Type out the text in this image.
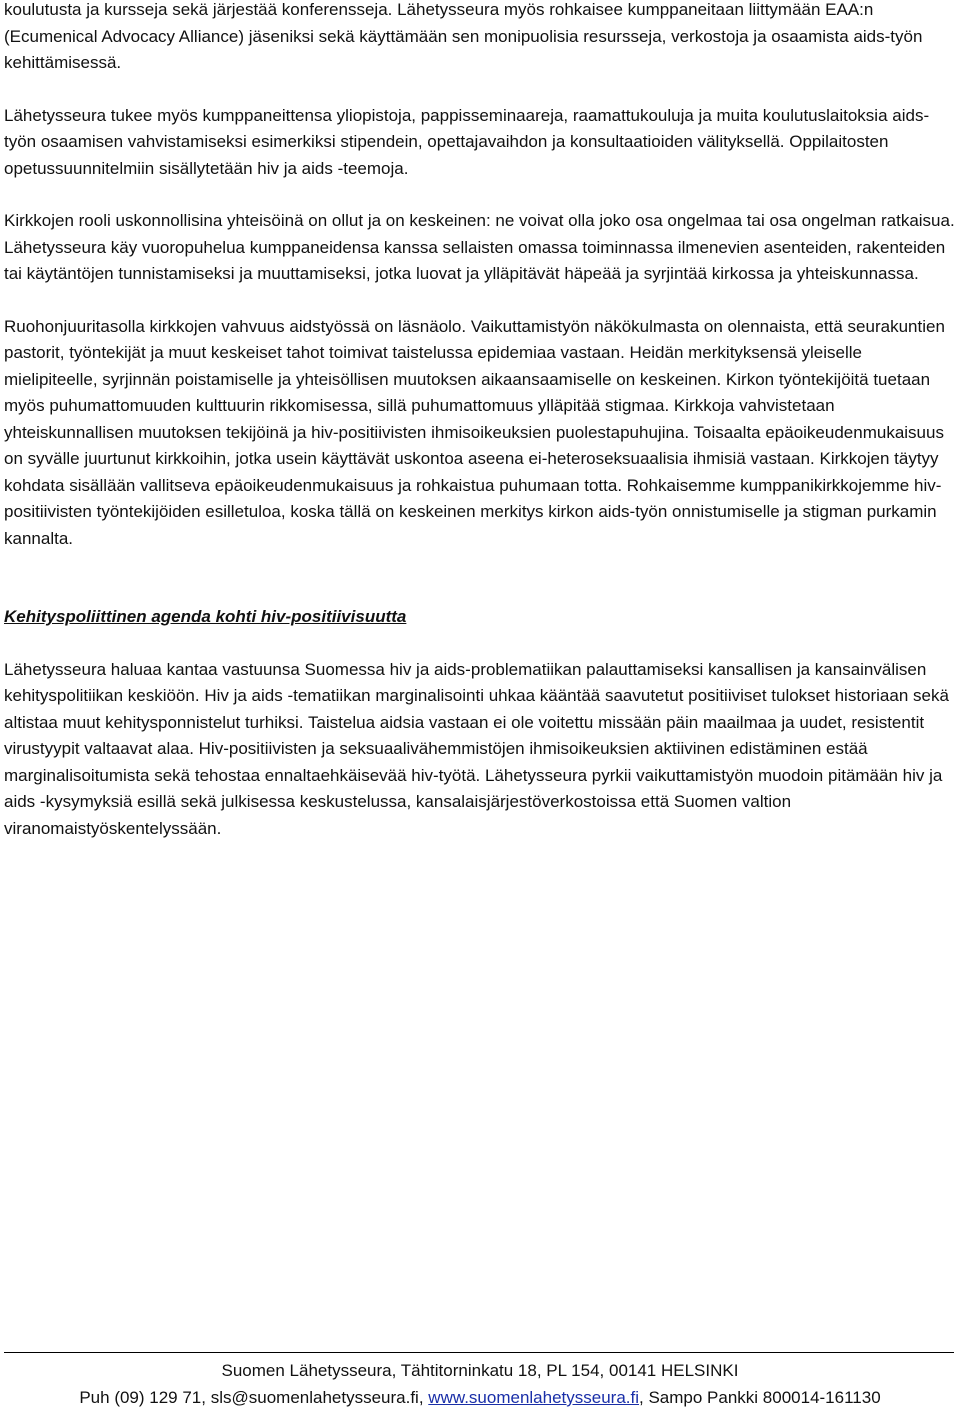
koulutusta ja kursseja sekä järjestää konferensseja. Lähetysseura myös rohkaisee kumppaneitaan liittymään EAA:n (Ecumenical Advocacy Alliance) jäseniksi sekä käyttämään sen monipuolisia resursseja, verkostoja ja osaamista aids-työn kehittämisessä.

Lähetysseura tukee myös kumppaneittensa yliopistoja, pappisseminaareja, raamattukouluja ja muita koulutuslaitoksia aids-työn osaamisen vahvistamiseksi esimerkiksi stipendein, opettajavaihdon ja konsultaatioiden välityksellä. Oppilaitosten opetussuunnitelmiin sisällytetään hiv ja aids -teemoja.

Kirkkojen rooli uskonnollisina yhteisöinä on ollut ja on keskeinen: ne voivat olla joko osa ongelmaa tai osa ongelman ratkaisua. Lähetysseura käy vuoropuhelua kumppaneidensa kanssa sellaisten omassa toiminnassa ilmenevien asenteiden, rakenteiden tai käytäntöjen tunnistamiseksi ja muuttamiseksi, jotka luovat ja ylläpitävät häpeää ja syrjintää kirkossa ja yhteiskunnassa.

Ruohonjuuritasolla kirkkojen vahvuus aidstyössä on läsnäolo. Vaikuttamistyön näkökulmasta on olennaista, että seurakuntien pastorit, työntekijät ja muut keskeiset tahot toimivat taistelussa epidemiaa vastaan. Heidän merkityksensä yleiselle mielipiteelle, syrjinnän poistamiselle ja yhteisöllisen muutoksen aikaansaamiselle on keskeinen. Kirkon työntekijöitä tuetaan myös puhumattomuuden kulttuurin rikkomisessa, sillä puhumattomuus ylläpitää stigmaa. Kirkkoja vahvistetaan yhteiskunnallisen muutoksen tekijöinä ja hiv-positiivisten ihmisoikeuksien puolestapuhujina. Toisaalta epäoikeudenmukaisuus on syvälle juurtunut kirkkoihin, jotka usein käyttävät uskontoa aseena ei-heteroseksuaalisia ihmisiä vastaan. Kirkkojen täytyy kohdata sisällään vallitseva epäoikeudenmukaisuus ja rohkaistua puhumaan totta. Rohkaisemme kumppanikirkkojemme hiv-positiivisten työntekijöiden esilletuloa, koska tällä on keskeinen merkitys kirkon aids-työn onnistumiselle ja stigman purkamin kannalta.

Kehityspoliittinen agenda kohti hiv-positiivisuutta

Lähetysseura haluaa kantaa vastuunsa Suomessa hiv ja aids-problematiikan palauttamiseksi kansallisen ja kansainvälisen kehityspolitiikan keskiöön. Hiv ja aids -tematiikan marginalisointi uhkaa kääntää saavutetut positiiviset tulokset historiaan sekä altistaa muut kehitysponnistelut turhiksi. Taistelua aidsia vastaan ei ole voitettu missään päin maailmaa ja uudet, resistentit virustyypit valtaavat alaa. Hiv-positiivisten ja seksuaalivähemmistöjen ihmisoikeuksien aktiivinen edistäminen estää marginalisoitumista sekä tehostaa ennaltaehkäisevää hiv-työtä. Lähetysseura pyrkii vaikuttamistyön muodoin pitämään hiv ja aids -kysymyksiä esillä sekä julkisessa keskustelussa, kansalaisjärjestöverkostoissa että Suomen valtion viranomaistyöskentelyssään.

Suomen Lähetysseura, Tähtitorninkatu 18, PL 154, 00141 HELSINKI
Puh (09) 129 71, sls@suomenlahetysseura.fi, www.suomenlahetysseura.fi, Sampo Pankki 800014-161130
